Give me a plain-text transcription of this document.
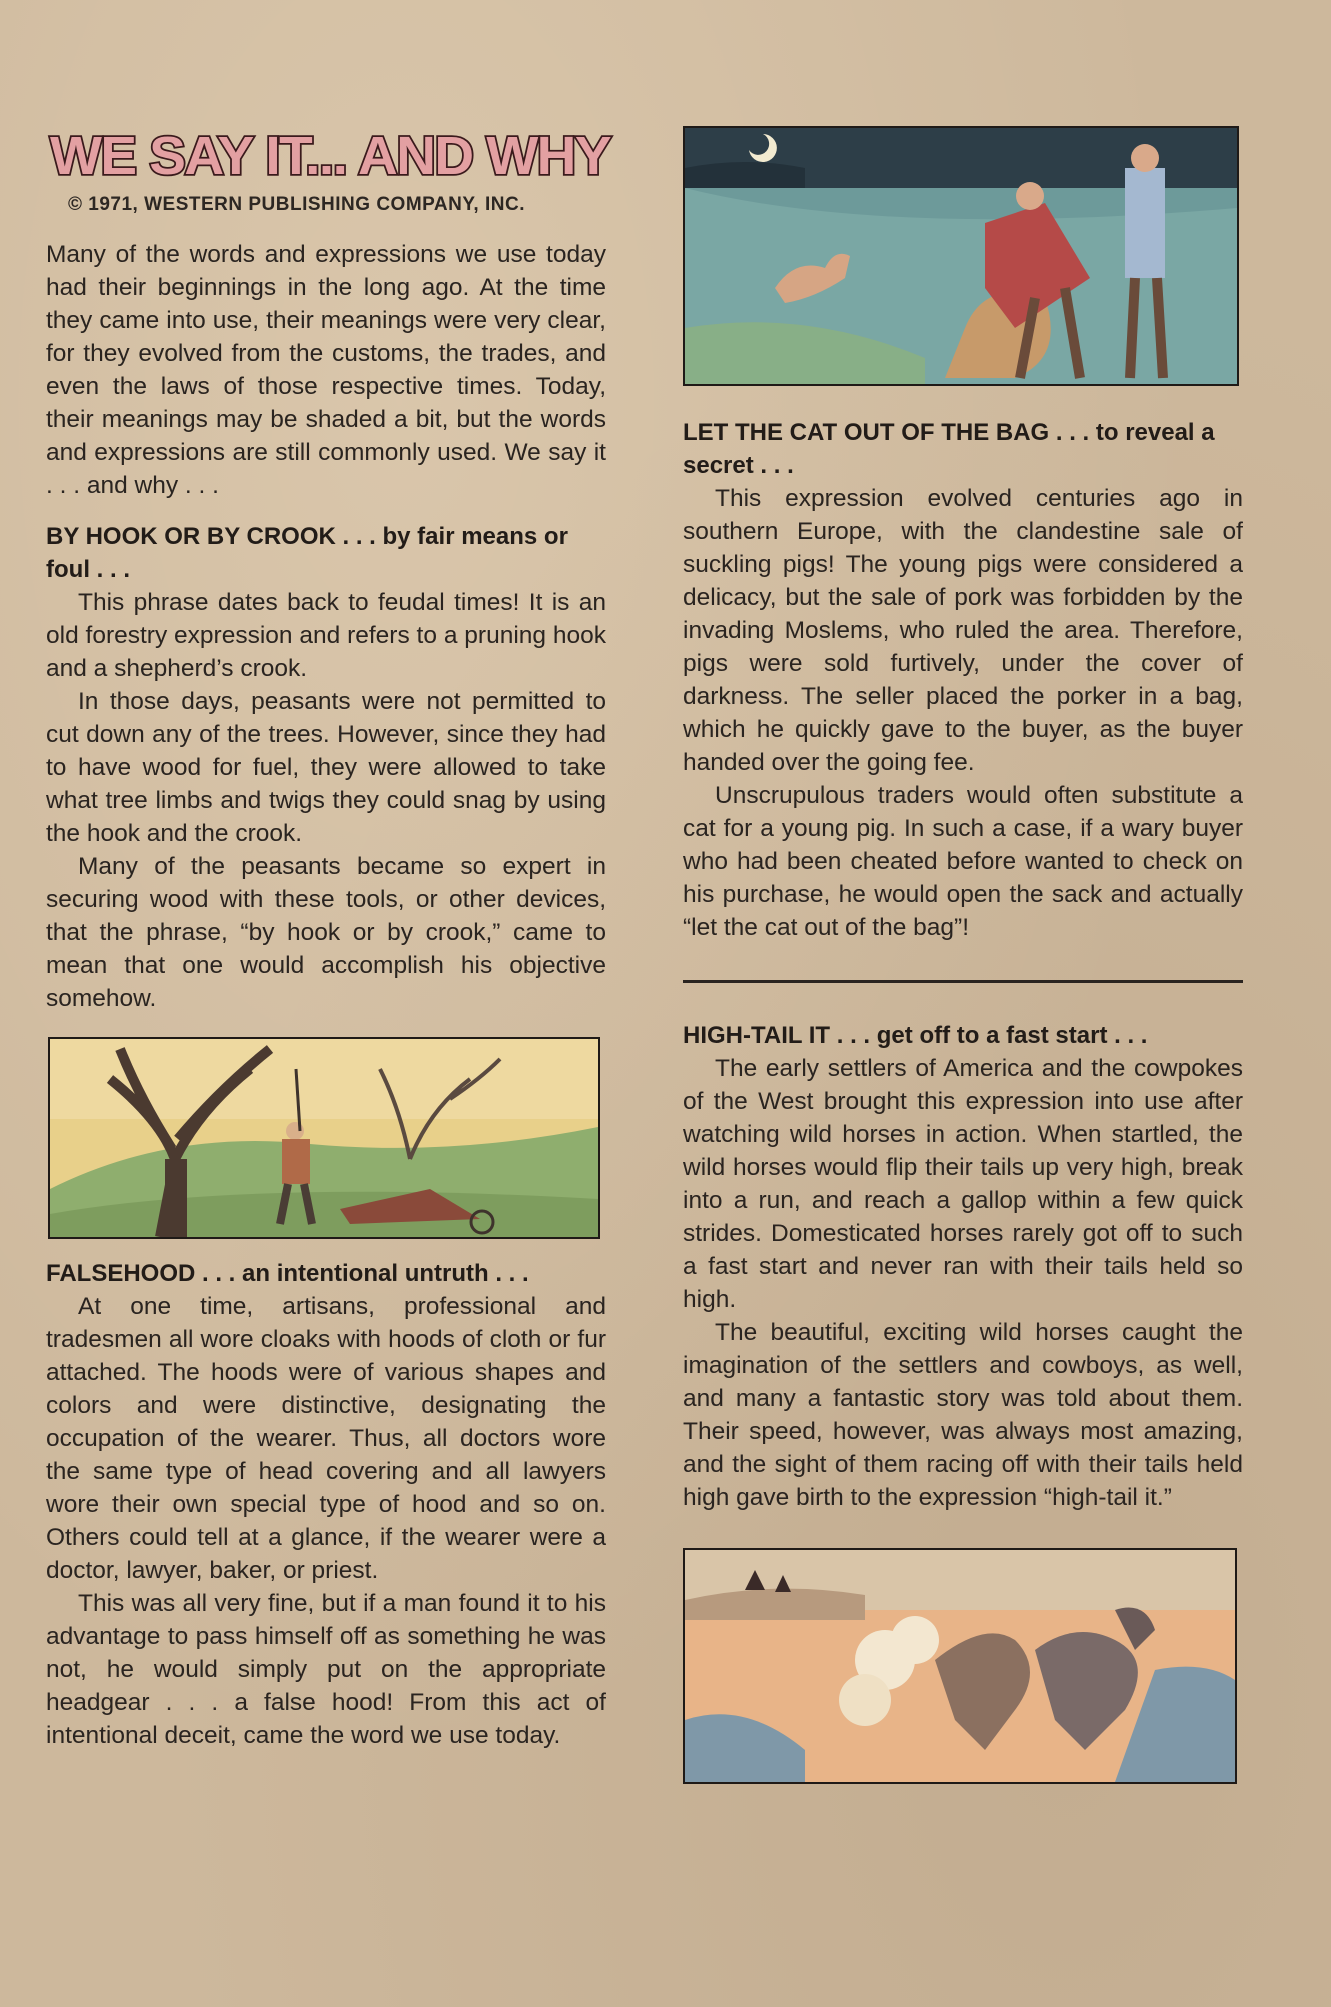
WE SAY IT... AND WHY
© 1971, WESTERN PUBLISHING COMPANY, INC.

Many of the words and expressions we use today had their beginnings in the long ago. At the time they came into use, their meanings were very clear, for they evolved from the customs, the trades, and even the laws of those respective times. Today, their meanings may be shaded a bit, but the words and expressions are still commonly used. We say it . . . and why . . .

BY HOOK OR BY CROOK . . . by fair means or foul . . .

This phrase dates back to feudal times! It is an old forestry expression and refers to a pruning hook and a shepherd’s crook.

In those days, peasants were not permitted to cut down any of the trees. However, since they had to have wood for fuel, they were allowed to take what tree limbs and twigs they could snag by using the hook and the crook.

Many of the peasants became so expert in securing wood with these tools, or other devices, that the phrase, “by hook or by crook,” came to mean that one would accomplish his objective somehow.

FALSEHOOD . . . an intentional untruth . . .

At one time, artisans, professional and tradesmen all wore cloaks with hoods of cloth or fur attached. The hoods were of various shapes and colors and were distinctive, designating the occupation of the wearer. Thus, all doctors wore the same type of head covering and all lawyers wore their own special type of hood and so on. Others could tell at a glance, if the wearer were a doctor, lawyer, baker, or priest.

This was all very fine, but if a man found it to his advantage to pass himself off as something he was not, he would simply put on the appropriate headgear . . . a false hood! From this act of intentional deceit, came the word we use today.

LET THE CAT OUT OF THE BAG . . . to reveal a secret . . .

This expression evolved centuries ago in southern Europe, with the clandestine sale of suckling pigs! The young pigs were considered a delicacy, but the sale of pork was forbidden by the invading Moslems, who ruled the area. Therefore, pigs were sold furtively, under the cover of darkness. The seller placed the porker in a bag, which he quickly gave to the buyer, as the buyer handed over the going fee.

Unscrupulous traders would often substitute a cat for a young pig. In such a case, if a wary buyer who had been cheated before wanted to check on his purchase, he would open the sack and actually “let the cat out of the bag”!

HIGH-TAIL IT . . . get off to a fast start . . .

The early settlers of America and the cowpokes of the West brought this expression into use after watching wild horses in action. When startled, the wild horses would flip their tails up very high, break into a run, and reach a gallop within a few quick strides. Domesticated horses rarely got off to such a fast start and never ran with their tails held so high.

The beautiful, exciting wild horses caught the imagination of the settlers and cowboys, as well, and many a fantastic story was told about them. Their speed, however, was always most amazing, and the sight of them racing off with their tails held high gave birth to the expression “high-tail it.”
